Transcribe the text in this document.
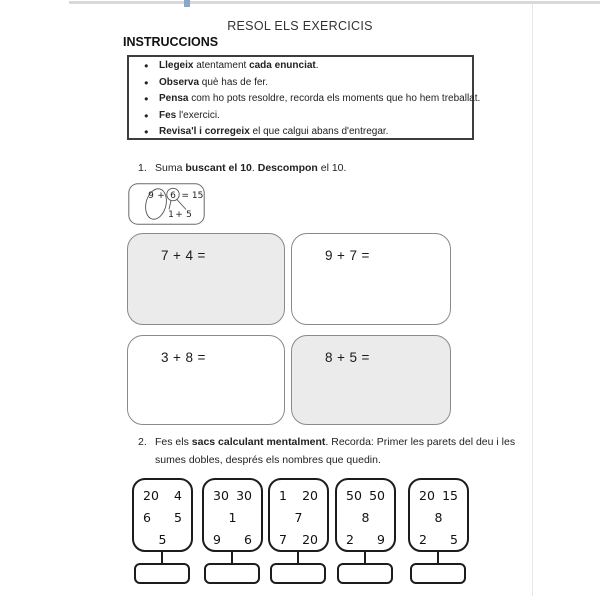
RESOL ELS EXERCICIS
INSTRUCCIONS
● Llegeix atentament cada enunciat.
● Observa què has de fer.
● Pensa com ho pots resoldre, recorda els moments que ho hem treballat.
● Fes l'exercici.
● Revisa'l i corregeix el que calgui abans d'entregar.
1. Suma buscant el 10. Descompon el 10.
9 + 6 = 15
1 + 5
7 + 4 =	9 + 7 =
3 + 8 =	8 + 5 =
2. Fes els sacs calculant mentalment. Recorda: Primer les parets del deu i les
sumes dobles, després els nombres que quedin.
20 4
6 5
5
30 30
1
9 6
1 20
7
7 20
50 50
8
2 9
20 15
8
2 5
